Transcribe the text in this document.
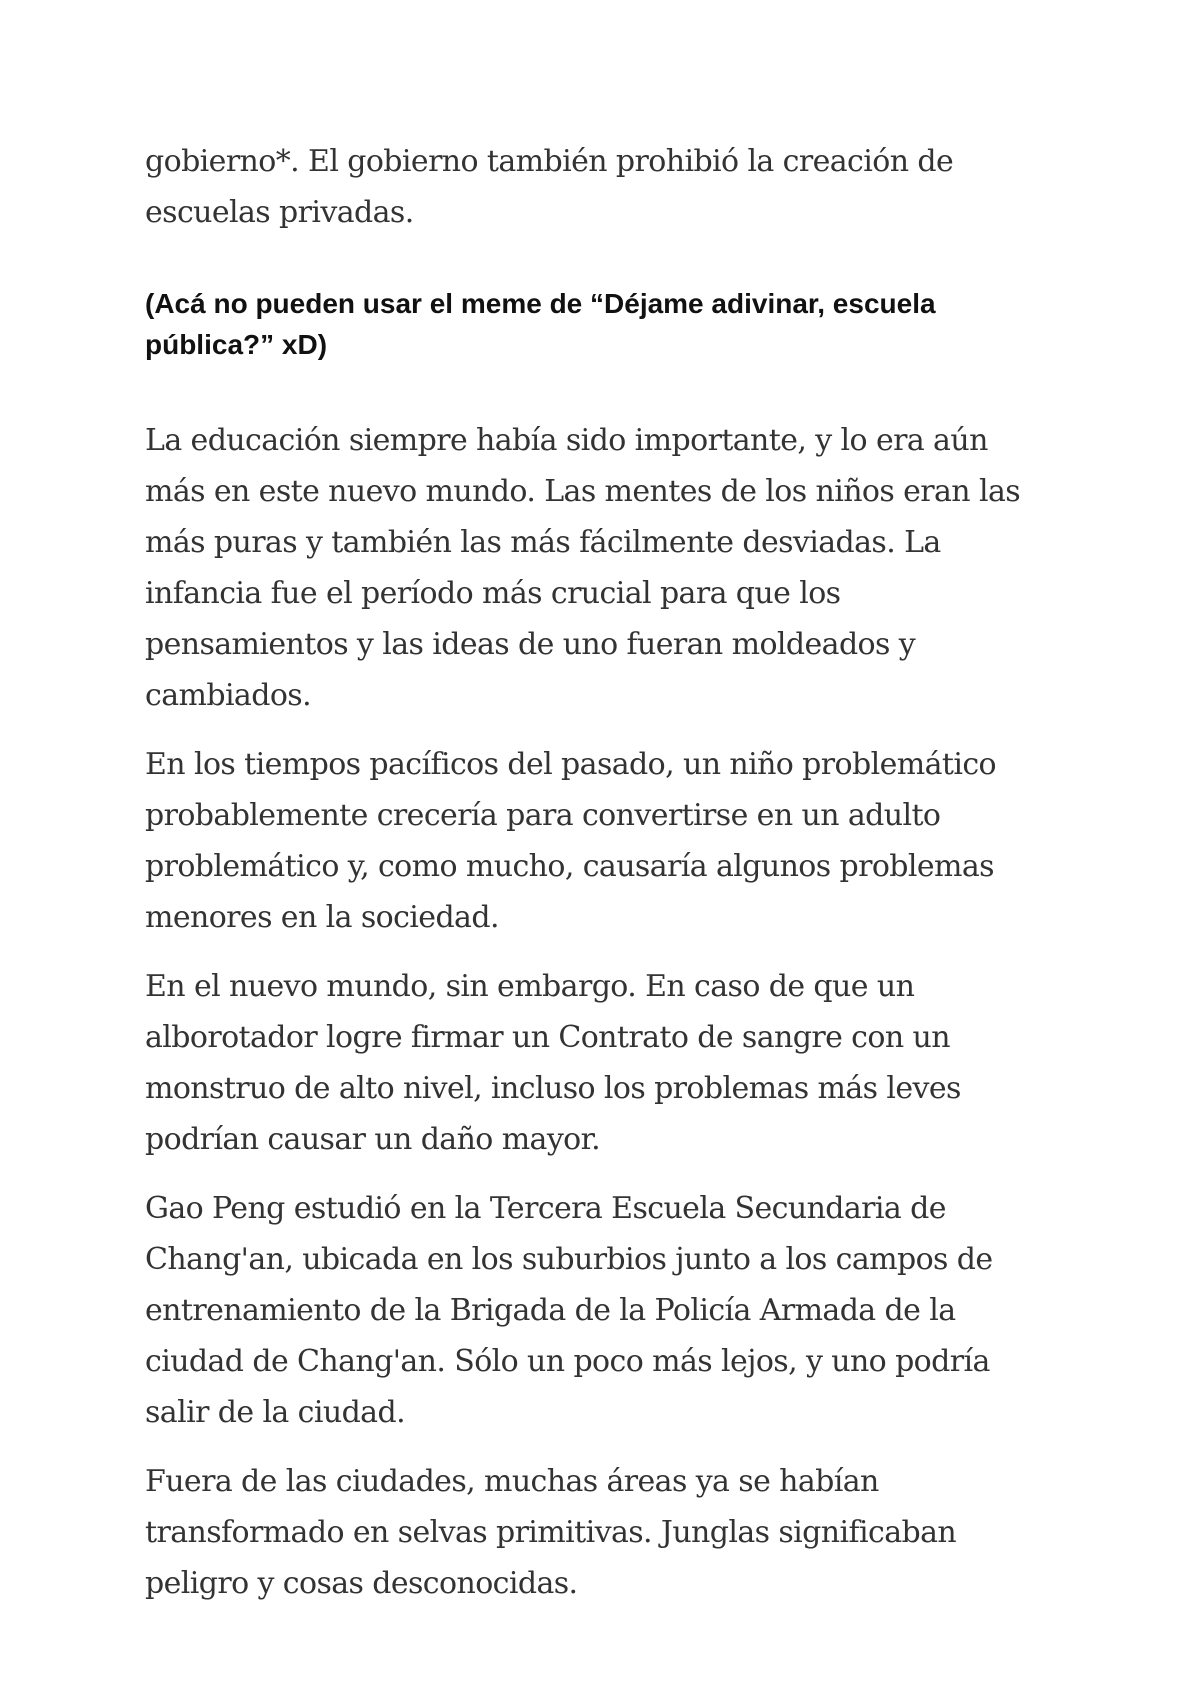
gobierno*. El gobierno también prohibió la creación de escuelas privadas.

(Acá no pueden usar el meme de “Déjame adivinar, escuela pública?” xD)

La educación siempre había sido importante, y lo era aún más en este nuevo mundo. Las mentes de los niños eran las más puras y también las más fácilmente desviadas. La infancia fue el período más crucial para que los pensamientos y las ideas de uno fueran moldeados y cambiados.

En los tiempos pacíficos del pasado, un niño problemático probablemente crecería para convertirse en un adulto problemático y, como mucho, causaría algunos problemas menores en la sociedad.

En el nuevo mundo, sin embargo. En caso de que un alborotador logre firmar un Contrato de sangre con un monstruo de alto nivel, incluso los problemas más leves podrían causar un daño mayor.

Gao Peng estudió en la Tercera Escuela Secundaria de Chang'an, ubicada en los suburbios junto a los campos de entrenamiento de la Brigada de la Policía Armada de la ciudad de Chang'an. Sólo un poco más lejos, y uno podría salir de la ciudad.

Fuera de las ciudades, muchas áreas ya se habían transformado en selvas primitivas. Junglas significaban peligro y cosas desconocidas.
